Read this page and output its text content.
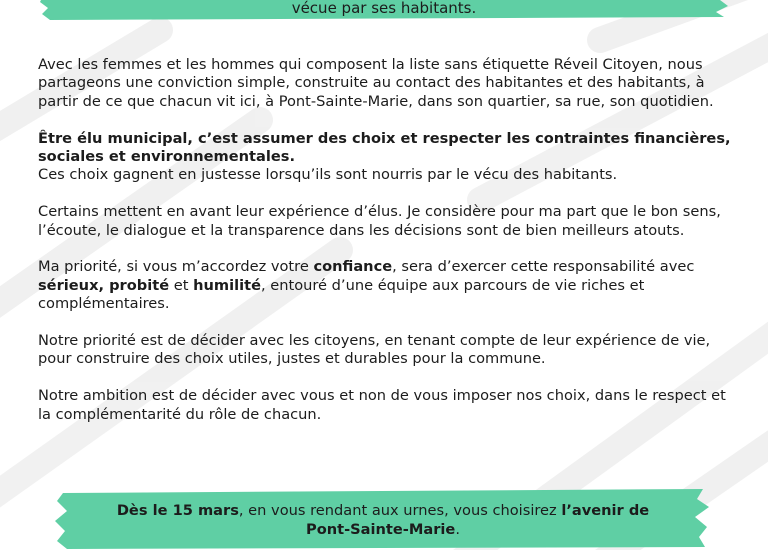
vécue par ses habitants.

Avec les femmes et les hommes qui composent la liste sans étiquette Réveil Citoyen, nous partageons une conviction simple, construite au contact des habitantes et des habitants, à partir de ce que chacun vit ici, à Pont-Sainte-Marie, dans son quartier, sa rue, son quotidien.

Être élu municipal, c’est assumer des choix et respecter les contraintes financières, sociales et environnementales.

Ces choix gagnent en justesse lorsqu’ils sont nourris par le vécu des habitants.

Certains mettent en avant leur expérience d’élus. Je considère pour ma part que le bon sens, l’écoute, le dialogue et la transparence dans les décisions sont de bien meilleurs atouts.

Ma priorité, si vous m’accordez votre confiance, sera d’exercer cette responsabilité avec sérieux, probité et humilité, entouré d’une équipe aux parcours de vie riches et complémentaires.

Notre priorité est de décider avec les citoyens, en tenant compte de leur expérience de vie, pour construire des choix utiles, justes et durables pour la commune.

Notre ambition est de décider avec vous et non de vous imposer nos choix, dans le respect et la complémentarité du rôle de chacun.

Dès le 15 mars, en vous rendant aux urnes, vous choisirez l’avenir de
Pont-Sainte-Marie.
